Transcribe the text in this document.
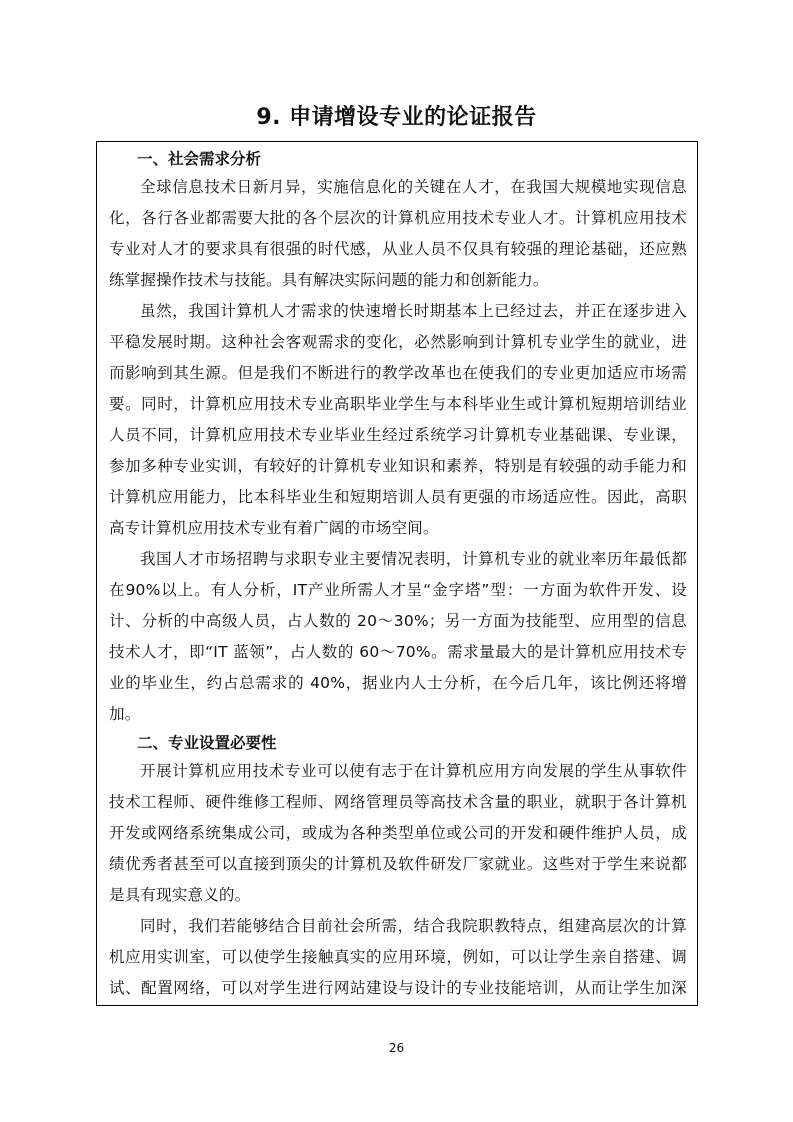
9. 申请增设专业的论证报告

一、社会需求分析

全球信息技术日新月异，实施信息化的关键在人才，在我国大规模地实现信息化，各行各业都需要大批的各个层次的计算机应用技术专业人才。计算机应用技术专业对人才的要求具有很强的时代感，从业人员不仅具有较强的理论基础，还应熟练掌握操作技术与技能。具有解决实际问题的能力和创新能力。

虽然，我国计算机人才需求的快速增长时期基本上已经过去，并正在逐步进入平稳发展时期。这种社会客观需求的变化，必然影响到计算机专业学生的就业，进而影响到其生源。但是我们不断进行的教学改革也在使我们的专业更加适应市场需要。同时，计算机应用技术专业高职毕业学生与本科毕业生或计算机短期培训结业人员不同，计算机应用技术专业毕业生经过系统学习计算机专业基础课、专业课，参加多种专业实训，有较好的计算机专业知识和素养，特别是有较强的动手能力和计算机应用能力，比本科毕业生和短期培训人员有更强的市场适应性。因此，高职高专计算机应用技术专业有着广阔的市场空间。

我国人才市场招聘与求职专业主要情况表明，计算机专业的就业率历年最低都在90%以上。有人分析，IT产业所需人才呈“金字塔”型：一方面为软件开发、设计、分析的中高级人员，占人数的 20～30%；另一方面为技能型、应用型的信息技术人才，即“IT 蓝领”，占人数的 60～70%。需求量最大的是计算机应用技术专业的毕业生，约占总需求的 40%，据业内人士分析，在今后几年，该比例还将增加。

二、专业设置必要性

开展计算机应用技术专业可以使有志于在计算机应用方向发展的学生从事软件技术工程师、硬件维修工程师、网络管理员等高技术含量的职业，就职于各计算机开发或网络系统集成公司，或成为各种类型单位或公司的开发和硬件维护人员，成绩优秀者甚至可以直接到顶尖的计算机及软件研发厂家就业。这些对于学生来说都是具有现实意义的。

同时，我们若能够结合目前社会所需，结合我院职教特点，组建高层次的计算机应用实训室，可以使学生接触真实的应用环境，例如，可以让学生亲自搭建、调试、配置网络，可以对学生进行网站建设与设计的专业技能培训，从而让学生加深

26
